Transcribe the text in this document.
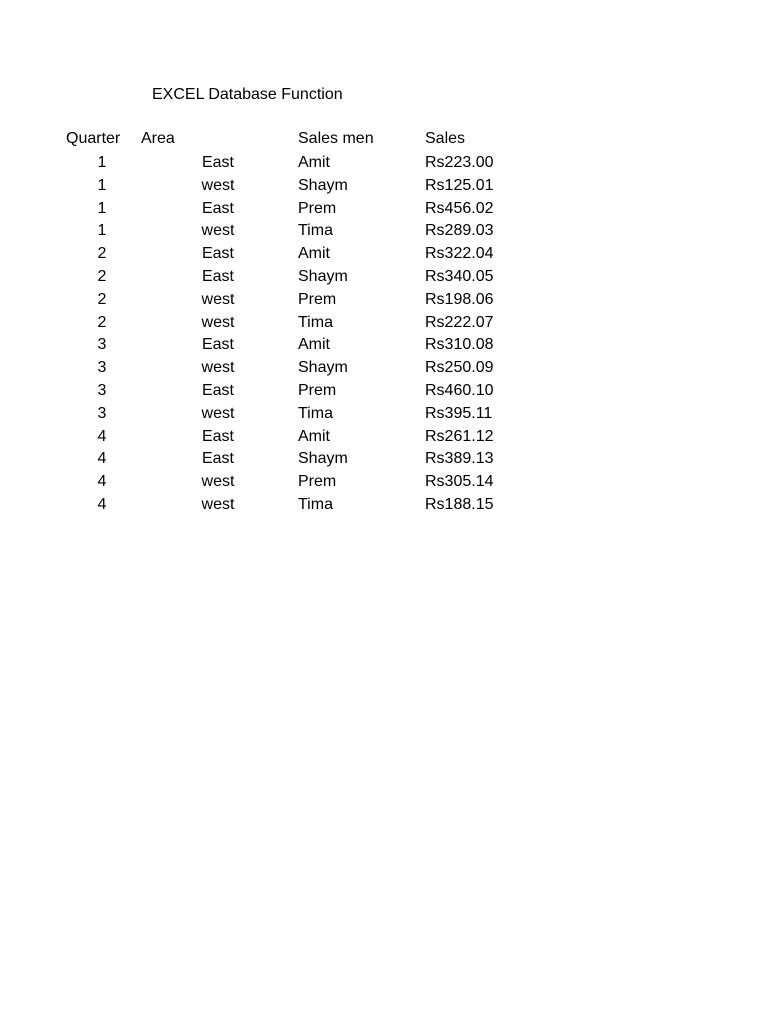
EXCEL Database Function
Quarter Area	Sales men	Sales
1	East	Amit	Rs223.00
1	west	Shaym	Rs125.01
1	East	Prem	Rs456.02
1	west	Tima	Rs289.03
2	East	Amit	Rs322.04
2	East	Shaym	Rs340.05
2	west	Prem	Rs198.06
2	west	Tima	Rs222.07
3	East	Amit	Rs310.08
3	west	Shaym	Rs250.09
3	East	Prem	Rs460.10
3	west	Tima	Rs395.11
4	East	Amit	Rs261.12
4	East	Shaym	Rs389.13
4	west	Prem	Rs305.14
4	west	Tima	Rs188.15
